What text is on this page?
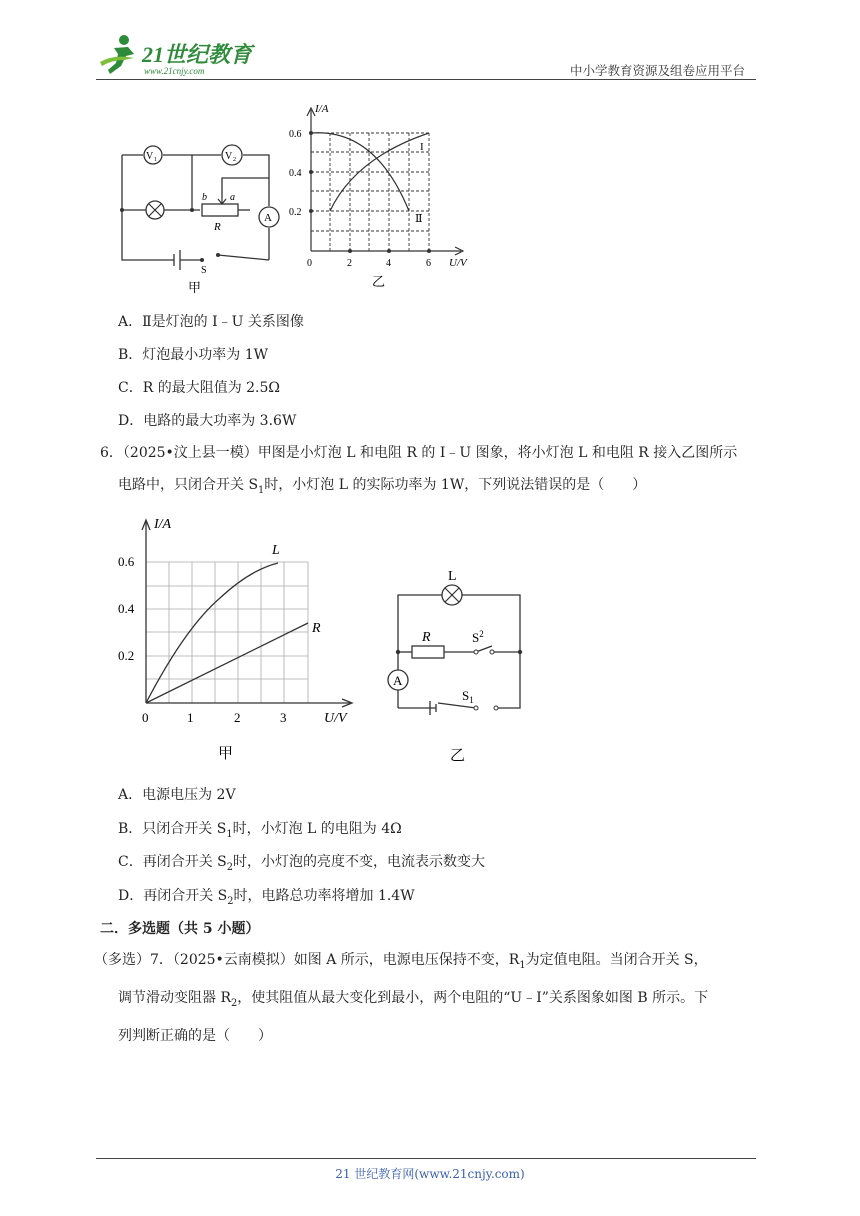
21世纪教育
www.21cnjy.com	中小学教育资源及组卷应用平台
V 1	V 2
b a
R
A
S
甲
I/A
U/V
0
0.6
0.4
0.2
2	4	6
I
Ⅱ
乙
A．Ⅱ是灯泡的 I﹣U 关系图像
B．灯泡最小功率为 1W
C．R 的最大阻值为 2.5Ω
D．电路的最大功率为 3.6W
6．（2025•汶上县一模）甲图是小灯泡 L 和电阻 R 的 I﹣U 图象，将小灯泡 L 和电阻 R 接入乙图所示
电路中，只闭合开关 $S_1$时，小灯泡 L 的实际功率为 1W，下列说法错误的是（　　）
I/A
U/V
0
0.6
0.4
0.2
1	2	3
L
R
甲
L
R	$S^2$
$S_1$
A
乙
A．电源电压为 2V
B．只闭合开关 $S_1$时，小灯泡 L 的电阻为 4Ω
C．再闭合开关 $S_2$时，小灯泡的亮度不变，电流表示数变大
D．再闭合开关 $S_2$时，电路总功率将增加 1.4W
二．多选题（共 5 小题）
（多选）7．（2025•云南模拟）如图 A 所示，电源电压保持不变，$R_1$为定值电阻。当闭合开关 S，
调节滑动变阻器 $R_2$，使其阻值从最大变化到最小，两个电阻的“U﹣I”关系图象如图 B 所示。下
列判断正确的是（　　）
21 世纪教育网(www.21cnjy.com)
